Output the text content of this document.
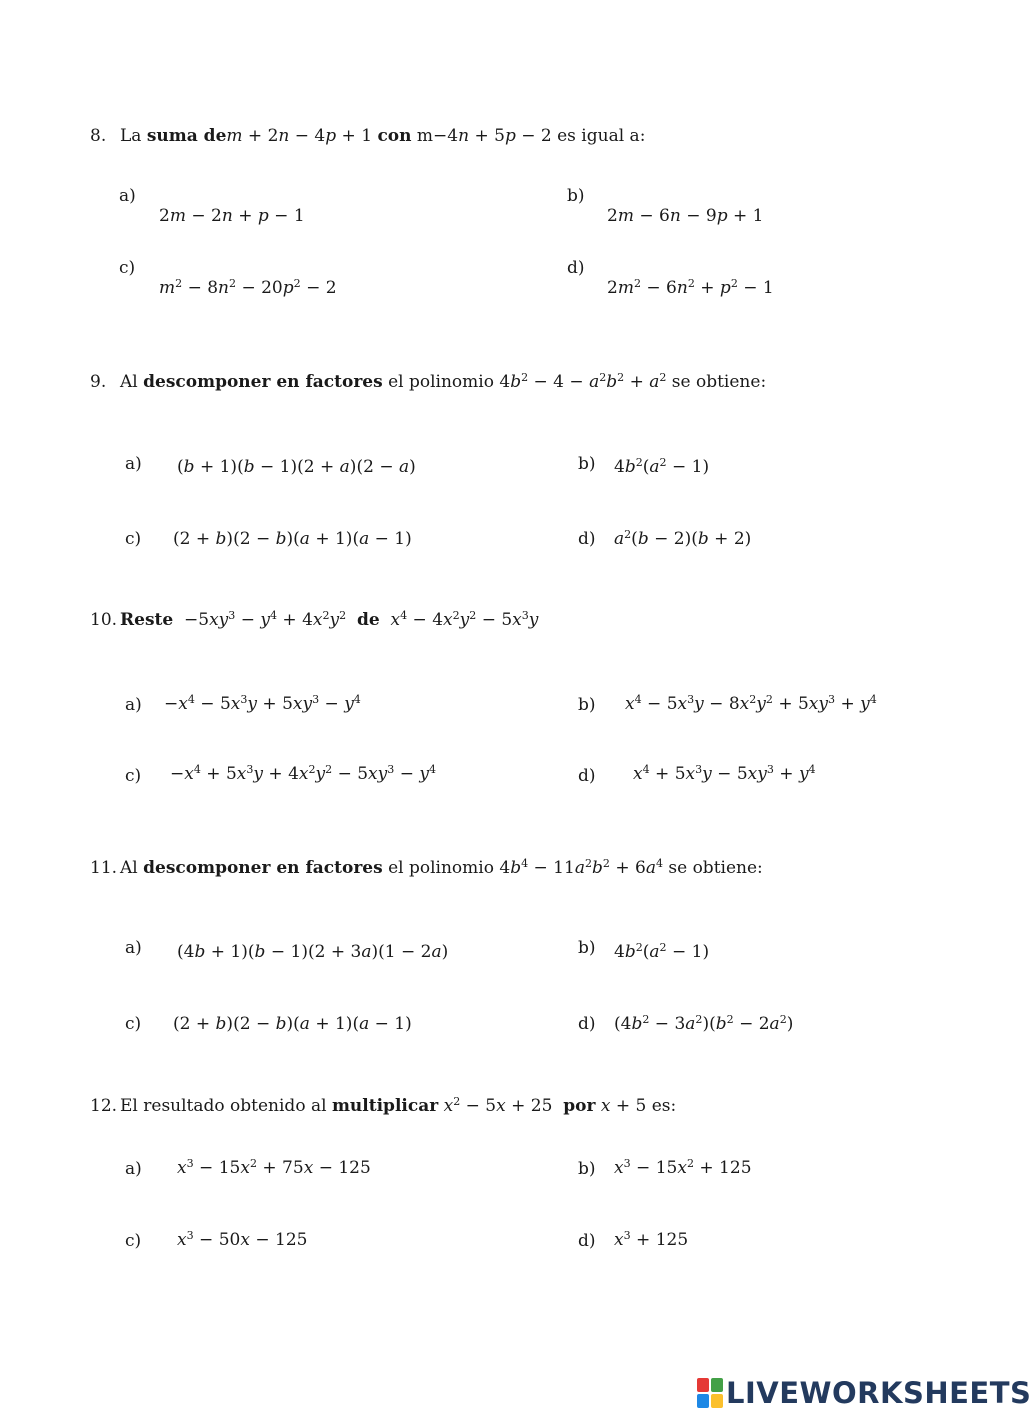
8. La suma dem + 2n − 4p + 1 con m−4n + 5p − 2 es igual a:
a)
2m − 2n + p − 1
b)
2m − 6n − 9p + 1
c)
$m^2 - 8n^2 - 20p^2 - 2$
d)
$2m^2 - 6n^2 + p^2 - 1$
9. Al descomponer en factores el polinomio $4b^2 - 4 - a^2b^2 + a^2$ se obtiene:
a) (b + 1)(b − 1)(2 + a)(2 − a)	b) $4b^2(a^2 - 1)$
c) (2 + b)(2 − b)(a + 1)(a − 1)	d) $a^2(b - 2)(b + 2)$
10. Reste $-5xy^3 - y^4 + 4x^2y^2$ de $x^4 - 4x^2y^2 - 5x^3y$
$a) -x^4 - 5x^3y + 5xy^3 - y^4$	b) $x^4 - 5x^3y - 8x^2y^2 + 5xy^3 + y^4$
$c) -x^4 + 5x^3y + 4x^2y^2 - 5xy^3 - y^4$	d) $x^4 + 5x^3y - 5xy^3 + y^4$
11. Al descomponer en factores el polinomio $4b^4 - 11a^2b^2 + 6a^4$ se obtiene:
a) (4b + 1)(b − 1)(2 + 3a)(1 − 2a)	b) $4b^2(a^2 - 1)$
c) (2 + b)(2 − b)(a + 1)(a − 1)	d) $(4b^2 - 3a^2)(b^2 - 2a^2)$
12. El resultado obtenido al multiplicar $x^2 - 5x + 25$ por x + 5 es:
a) $x^3 - 15x^2 + 75x - 125$	b) $x^3 - 15x^2 + 125$
c) $x^3 - 50x - 125$	d) $x^3 + 125$
LIVEWORKSHEETS
